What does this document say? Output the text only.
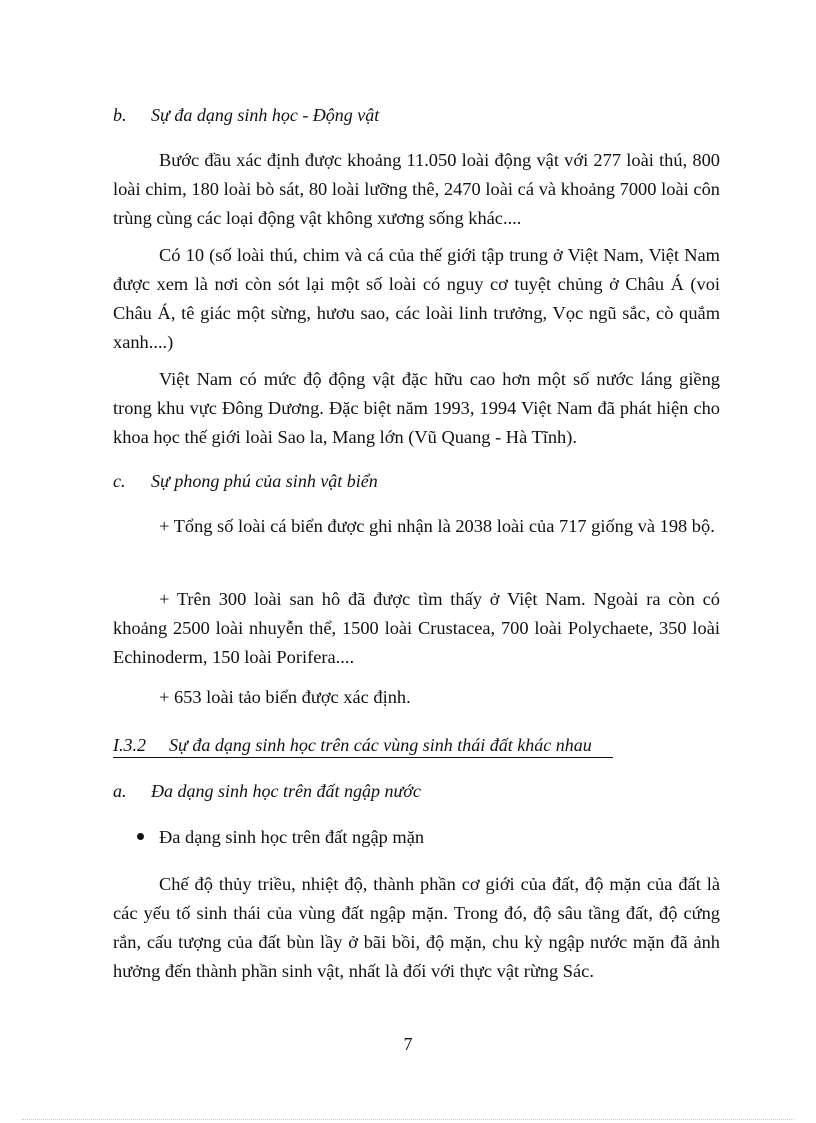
b. Sự đa dạng sinh học - Động vật

Bước đầu xác định được khoảng 11.050 loài động vật với 277 loài thú, 800 loài chim, 180 loài bò sát, 80 loài lưỡng thê, 2470 loài cá và khoảng 7000 loài côn trùng cùng các loại động vật không xương sống khác....

Có 10 (số loài thú, chim và cá của thế giới tập trung ở Việt Nam, Việt Nam được xem là nơi còn sót lại một số loài có nguy cơ tuyệt chủng ở Châu Á (voi Châu Á, tê giác một sừng, hươu sao, các loài linh trưởng, Vọc ngũ sắc, cò quắm xanh....)

Việt Nam có mức độ động vật đặc hữu cao hơn một số nước láng giềng trong khu vực Đông Dương. Đặc biệt năm 1993, 1994 Việt Nam đã phát hiện cho khoa học thế giới loài Sao la, Mang lớn (Vũ Quang - Hà Tĩnh).

c. Sự phong phú của sinh vật biển

+ Tổng số loài cá biển được ghi nhận là 2038 loài của 717 giống và 198 bộ.

+ Trên 300 loài san hô đã được tìm thấy ở Việt Nam. Ngoài ra còn có khoảng 2500 loài nhuyễn thể, 1500 loài Crustacea, 700 loài Polychaete, 350 loài Echinoderm, 150 loài Porifera....

+ 653 loài tảo biển được xác định.

I.3.2 Sự đa dạng sinh học trên các vùng sinh thái đất khác nhau
a. Đa dạng sinh học trên đất ngập nước
Đa dạng sinh học trên đất ngập mặn

Chế độ thủy triều, nhiệt độ, thành phần cơ giới của đất, độ mặn của đất là các yếu tố sinh thái của vùng đất ngập mặn. Trong đó, độ sâu tầng đất, độ cứng rắn, cấu tượng của đất bùn lầy ở bãi bồi, độ mặn, chu kỳ ngập nước mặn đã ảnh hưởng đến thành phần sinh vật, nhất là đối với thực vật rừng Sác.

7
